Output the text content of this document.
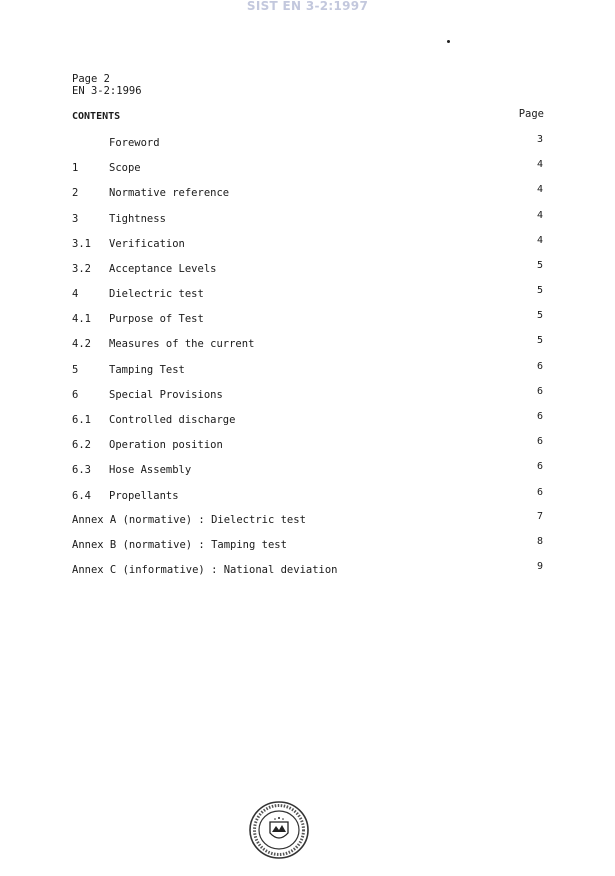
SIST EN 3-2:1997
Page 2
EN 3-2:1996
CONTENTS	Page
Foreword	3
1	Scope	4
2	Normative reference	4
3	Tightness	4
3.1 Verification	4
3.2 Acceptance Levels	5
4	Dielectric test	5
4.1 Purpose of Test	5
4.2 Measures of the current	5
5	Tamping Test	6
6	Special Provisions	6
6.1 Controlled discharge	6
6.2 Operation position	6
6.3 Hose Assembly	6
6.4 Propellants	6
Annex A (normative) : Dielectric test	7
Annex B (normative) : Tamping test	8
Annex C (informative) : National deviation	9
